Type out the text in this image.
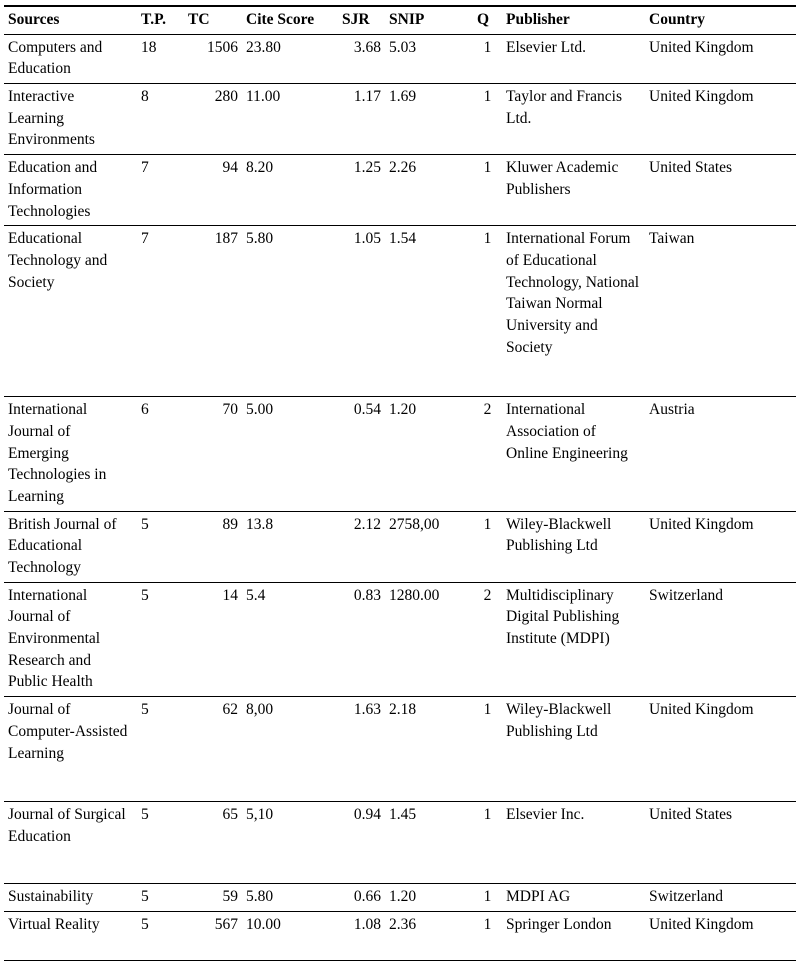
Sources	T.P.	TC	Cite Score	SJR	SNIP	Q	Publisher	Country

Computers and Education	18	1506	23.80	3.68	5.03	1	Elsevier Ltd.	United Kingdom

Interactive Learning Environments	8	280	11.00	1.17	1.69	1	Taylor and Francis Ltd.	United Kingdom

Education and Information Technologies	7	94	8.20	1.25	2.26	1	Kluwer Academic Publishers	United States

Educational Technology and Society	7	187	5.80	1.05	1.54	1	International Forum of Educational Technology, National Taiwan Normal University and Society	Taiwan

International Journal of Emerging Technologies in Learning	6	70	5.00	0.54	1.20	2	International Association of Online Engineering	Austria

British Journal of Educational Technology	5	89	13.8	2.12	2758,00	1	Wiley-Blackwell Publishing Ltd	United Kingdom

International Journal of Environmental Research and Public Health	5	14	5.4	0.83	1280.00	2	Multidisciplinary Digital Publishing Institute (MDPI)	Switzerland

Journal of Computer-Assisted Learning	5	62	8,00	1.63	2.18	1	Wiley-Blackwell Publishing Ltd	United Kingdom

Journal of Surgical Education	5	65	5,10	0.94	1.45	1	Elsevier Inc.	United States

Sustainability	5	59	5.80	0.66	1.20	1	MDPI AG	Switzerland

Virtual Reality	5	567	10.00	1.08	2.36	1	Springer London	United Kingdom
